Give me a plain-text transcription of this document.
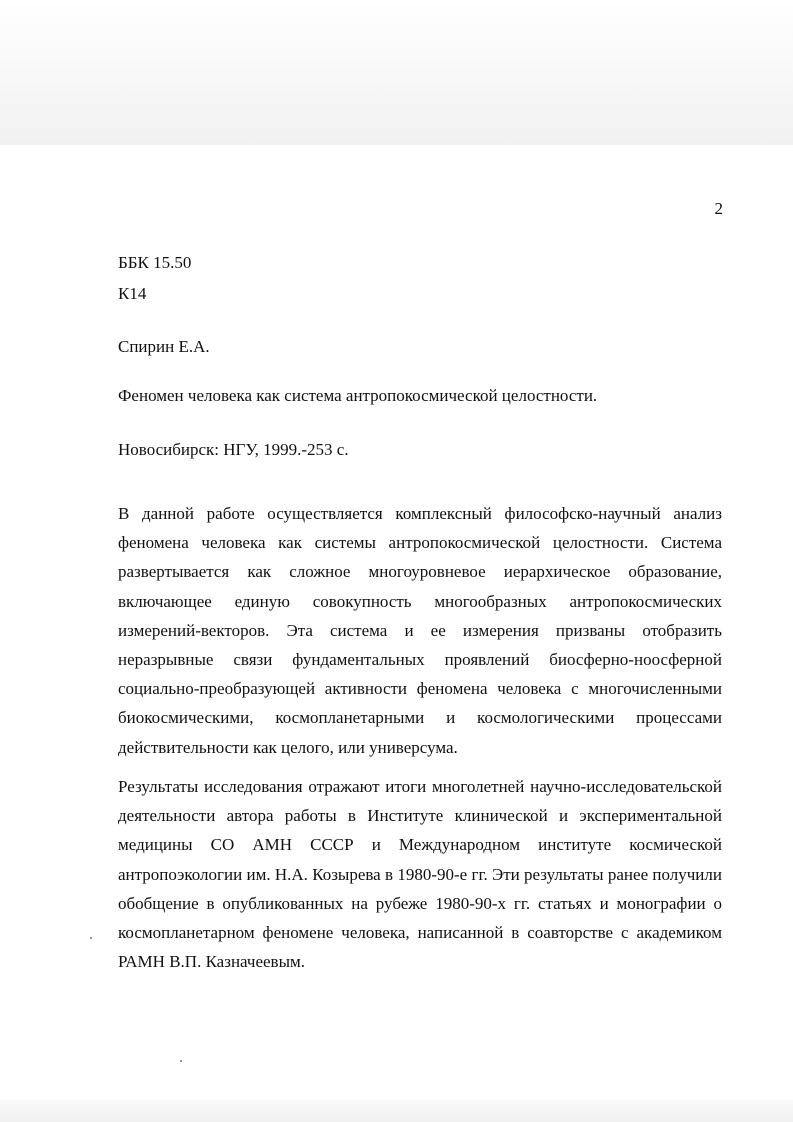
2
ББК 15.50
К14
Спирин Е.А.
Феномен человека как система антропокосмической целостности.
Новосибирск: НГУ, 1999.-253 с.

В данной работе осуществляется комплексный философско-научный анализ феномена человека как системы антропокосмической целостности. Система развертывается как сложное многоуровневое иерархическое образование, включающее единую совокупность многообразных антропокосмических измерений-векторов. Эта система и ее измерения призваны отобразить неразрывные связи фундаментальных проявлений биосферно-ноосферной социально-преобразующей активности феномена человека с многочисленными биокосмическими, космопланетарными и космологическими процессами действительности как целого, или универсума.

Результаты исследования отражают итоги многолетней научно-исследовательской деятельности автора работы в Институте клинической и экспериментальной медицины СО АМН СССР и Международном институте космической антропоэкологии им. Н.А. Козырева в 1980-90-е гг. Эти результаты ранее получили обобщение в опубликованных на рубеже 1980-90-х гг. статьях и монографии о космопланетарном феномене человека, написанной в соавторстве с академиком РАМН В.П. Казначеевым.
